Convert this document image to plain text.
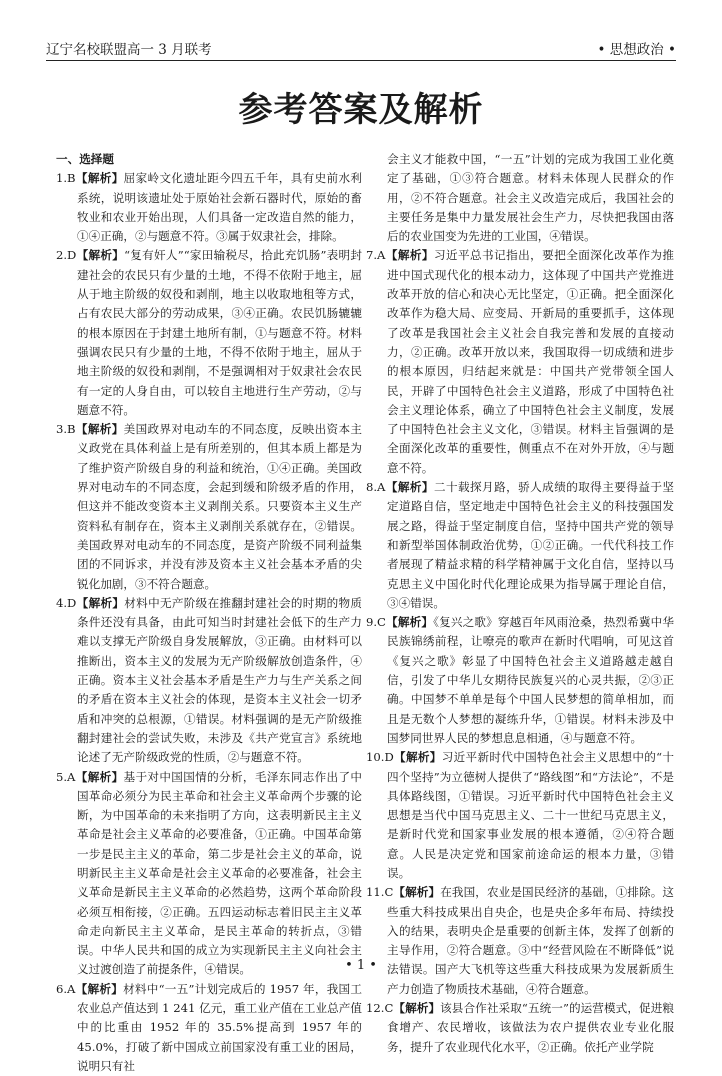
辽宁名校联盟高一 3 月联考	• 思想政治 •
参考答案及解析
一、选择题

1.B【解析】屈家岭文化遗址距今四五千年，具有史前水利系统，说明该遗址处于原始社会新石器时代，原始的畜牧业和农业开始出现，人们具备一定改造自然的能力，①④正确，②与题意不符。③属于奴隶社会，排除。

2.D【解析】“复有奸人”“家田输税尽，拾此充饥肠”表明封建社会的农民只有少量的土地，不得不依附于地主，屈从于地主阶级的奴役和剥削，地主以收取地租等方式，占有农民大部分的劳动成果，③④正确。农民饥肠辘辘的根本原因在于封建土地所有制，①与题意不符。材料强调农民只有少量的土地，不得不依附于地主，屈从于地主阶级的奴役和剥削，不是强调相对于奴隶社会农民有一定的人身自由，可以较自主地进行生产劳动，②与题意不符。

3.B【解析】美国政界对电动车的不同态度，反映出资本主义政党在具体利益上是有所差别的，但其本质上都是为了维护资产阶级自身的利益和统治，①④正确。美国政界对电动车的不同态度，会起到缓和阶级矛盾的作用，但这并不能改变资本主义剥削关系。只要资本主义生产资料私有制存在，资本主义剥削关系就存在，②错误。美国政界对电动车的不同态度，是资产阶级不同利益集团的不同诉求，并没有涉及资本主义社会基本矛盾的尖锐化加剧，③不符合题意。

4.D【解析】材料中无产阶级在推翻封建社会的时期的物质条件还没有具备，由此可知当时封建社会低下的生产力难以支撑无产阶级自身发展解放，③正确。由材料可以推断出，资本主义的发展为无产阶级解放创造条件，④正确。资本主义社会基本矛盾是生产力与生产关系之间的矛盾在资本主义社会的体现，是资本主义社会一切矛盾和冲突的总根源，①错误。材料强调的是无产阶级推翻封建社会的尝试失败，未涉及《共产党宣言》系统地论述了无产阶级政党的性质，②与题意不符。

5.A【解析】基于对中国国情的分析，毛泽东同志作出了中国革命必须分为民主革命和社会主义革命两个步骤的论断，为中国革命的未来指明了方向，这表明新民主主义革命是社会主义革命的必要准备，①正确。中国革命第一步是民主主义的革命，第二步是社会主义的革命，说明新民主主义革命是社会主义革命的必要准备，社会主义革命是新民主主义革命的必然趋势，这两个革命阶段必须互相衔接，②正确。五四运动标志着旧民主主义革命走向新民主主义革命，是民主革命的转折点，③错误。中华人民共和国的成立为实现新民主主义向社会主义过渡创造了前提条件，④错误。

6.A【解析】材料中“一五”计划完成后的 1957 年，我国工农业总产值达到 1 241 亿元，重工业产值在工业总产值中的比重由 1952 年的 35.5%提高到 1957 年的 45.0%，打破了新中国成立前国家没有重工业的困局，说明只有社

会主义才能救中国，“一五”计划的完成为我国工业化奠定了基础，①③符合题意。材料未体现人民群众的作用，②不符合题意。社会主义改造完成后，我国社会的主要任务是集中力量发展社会生产力，尽快把我国由落后的农业国变为先进的工业国，④错误。

7.A【解析】习近平总书记指出，要把全面深化改革作为推进中国式现代化的根本动力，这体现了中国共产党推进改革开放的信心和决心无比坚定，①正确。把全面深化改革作为稳大局、应变局、开新局的重要抓手，这体现了改革是我国社会主义社会自我完善和发展的直接动力，②正确。改革开放以来，我国取得一切成绩和进步的根本原因，归结起来就是：中国共产党带领全国人民，开辟了中国特色社会主义道路，形成了中国特色社会主义理论体系，确立了中国特色社会主义制度，发展了中国特色社会主义文化，③错误。材料主旨强调的是全面深化改革的重要性，侧重点不在对外开放，④与题意不符。

8.A【解析】二十载探月路，骄人成绩的取得主要得益于坚定道路自信，坚定地走中国特色社会主义的科技强国发展之路，得益于坚定制度自信，坚持中国共产党的领导和新型举国体制政治优势，①②正确。一代代科技工作者展现了精益求精的科学精神属于文化自信，坚持以马克思主义中国化时代化理论成果为指导属于理论自信，③④错误。

9.C【解析】《复兴之歌》穿越百年风雨沧桑，热烈希冀中华民族锦绣前程，让嘹亮的歌声在新时代唱响，可见这首《复兴之歌》彰显了中国特色社会主义道路越走越自信，引发了中华儿女期待民族复兴的心灵共振，②③正确。中国梦不单单是每个中国人民梦想的简单相加，而且是无数个人梦想的凝练升华，①错误。材料未涉及中国梦同世界人民的梦想息息相通，④与题意不符。

10.D【解析】习近平新时代中国特色社会主义思想中的“十四个坚持”为立德树人提供了“路线图”和“方法论”，不是具体路线图，①错误。习近平新时代中国特色社会主义思想是当代中国马克思主义、二十一世纪马克思主义，是新时代党和国家事业发展的根本遵循，②④符合题意。人民是决定党和国家前途命运的根本力量，③错误。

11.C【解析】在我国，农业是国民经济的基础，①排除。这些重大科技成果出自央企，也是央企多年布局、持续投入的结果，表明央企是重要的创新主体，发挥了创新的主导作用，②符合题意。③中“经营风险在不断降低”说法错误。国产大飞机等这些重大科技成果为发展新质生产力创造了物质技术基础，④符合题意。

12.C【解析】该县合作社采取“五统一”的运营模式，促进粮食增产、农民增收，该做法为农户提供农业专业化服务，提升了农业现代化水平，②正确。依托产业学院

• 1 •
